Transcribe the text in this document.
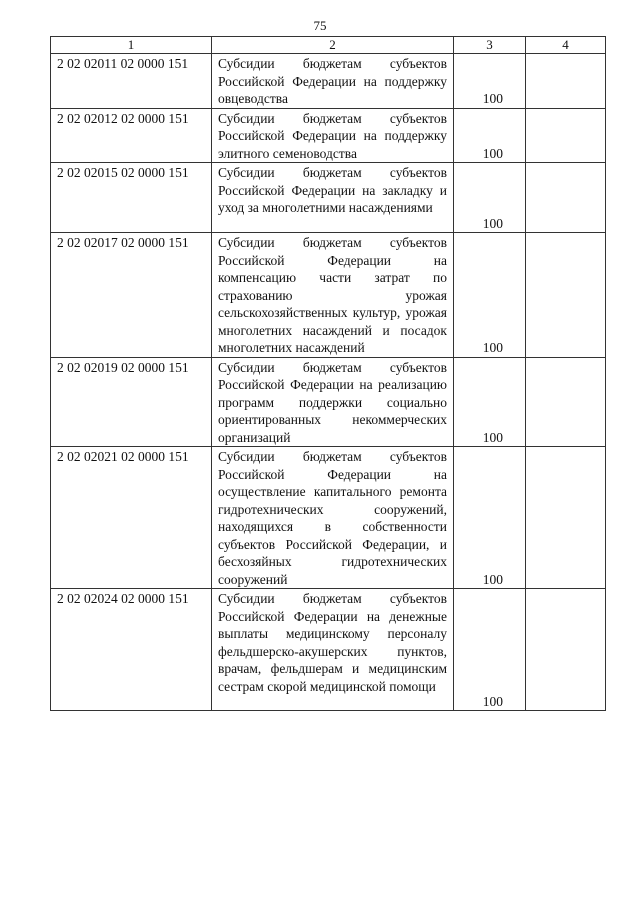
75
1	2	3	4
2 02 02011 02 0000 151	Субсидии бюджетам субъектов Российской Федерации на поддержку овцеводства	100	
2 02 02012 02 0000 151	Субсидии бюджетам субъектов Российской Федерации на поддержку элитного семеноводства	100	
2 02 02015 02 0000 151	Субсидии бюджетам субъектов Российской Федерации на закладку и уход за многолетними насаждениями	100	
2 02 02017 02 0000 151	Субсидии бюджетам субъектов Российской Федерации на компенсацию части затрат по страхованию урожая сельскохозяйственных культур, урожая многолетних насаждений и посадок многолетних насаждений	100	
2 02 02019 02 0000 151	Субсидии бюджетам субъектов Российской Федерации на реализацию программ поддержки социально ориентированных некоммерческих организаций	100	
2 02 02021 02 0000 151	Субсидии бюджетам субъектов Российской Федерации на осуществление капитального ремонта гидротехнических сооружений, находящихся в собственности субъектов Российской Федерации, и бесхозяйных гидротехнических сооружений	100	
2 02 02024 02 0000 151	Субсидии бюджетам субъектов Российской Федерации на денежные выплаты медицинскому персоналу фельдшерско-акушерских пунктов, врачам, фельдшерам и медицинским сестрам скорой медицинской помощи	100	
